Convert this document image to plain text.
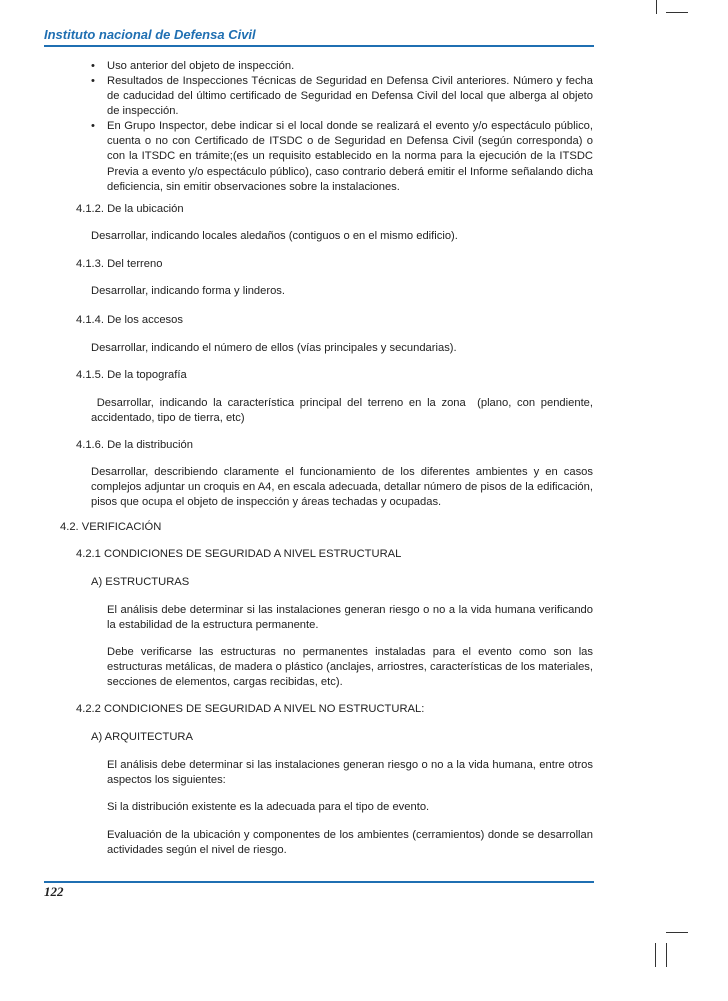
Instituto nacional de Defensa Civil
• Uso anterior del objeto de inspección.
• Resultados de Inspecciones Técnicas de Seguridad en Defensa Civil anteriores. Número y fecha de caducidad del último certificado de Seguridad en Defensa Civil del local que alberga al objeto de inspección.
• En Grupo Inspector, debe indicar si el local donde se realizará el evento y/o espectáculo público, cuenta o no con Certificado de ITSDC o de Seguridad en Defensa Civil (según corresponda) o con la ITSDC en trámite;(es un requisito establecido en la norma para la ejecución de la ITSDC Previa a evento y/o espectáculo público), caso contrario deberá emitir el Informe señalando dicha deficiencia, sin emitir observaciones sobre la instalaciones.
4.1.2. De la ubicación
Desarrollar, indicando locales aledaños (contiguos o en el mismo edificio).
4.1.3. Del terreno
Desarrollar, indicando forma y linderos.
4.1.4. De los accesos
Desarrollar, indicando el número de ellos (vías principales y secundarias).
4.1.5. De la topografía
Desarrollar, indicando la característica principal del terreno en la zona  (plano, con pendiente, accidentado, tipo de tierra, etc)
4.1.6. De la distribución
Desarrollar, describiendo claramente el funcionamiento de los diferentes ambientes y en casos complejos adjuntar un croquis en A4, en escala adecuada, detallar número de pisos de la edificación, pisos que ocupa el objeto de inspección y áreas techadas y ocupadas.
4.2. VERIFICACIÓN
4.2.1 CONDICIONES DE SEGURIDAD A NIVEL ESTRUCTURAL
A) ESTRUCTURAS
El análisis debe determinar si las instalaciones generan riesgo o no a la vida humana verificando la estabilidad de la estructura permanente.
Debe verificarse las estructuras no permanentes instaladas para el evento como son las estructuras metálicas, de madera o plástico (anclajes, arriostres, características de los materiales, secciones de elementos, cargas recibidas, etc).
4.2.2 CONDICIONES DE SEGURIDAD A NIVEL NO ESTRUCTURAL:
A) ARQUITECTURA
El análisis debe determinar si las instalaciones generan riesgo o no a la vida humana, entre otros aspectos los siguientes:
Si la distribución existente es la adecuada para el tipo de evento.
Evaluación de la ubicación y componentes de los ambientes (cerramientos) donde se desarrollan actividades según el nivel de riesgo.
122
